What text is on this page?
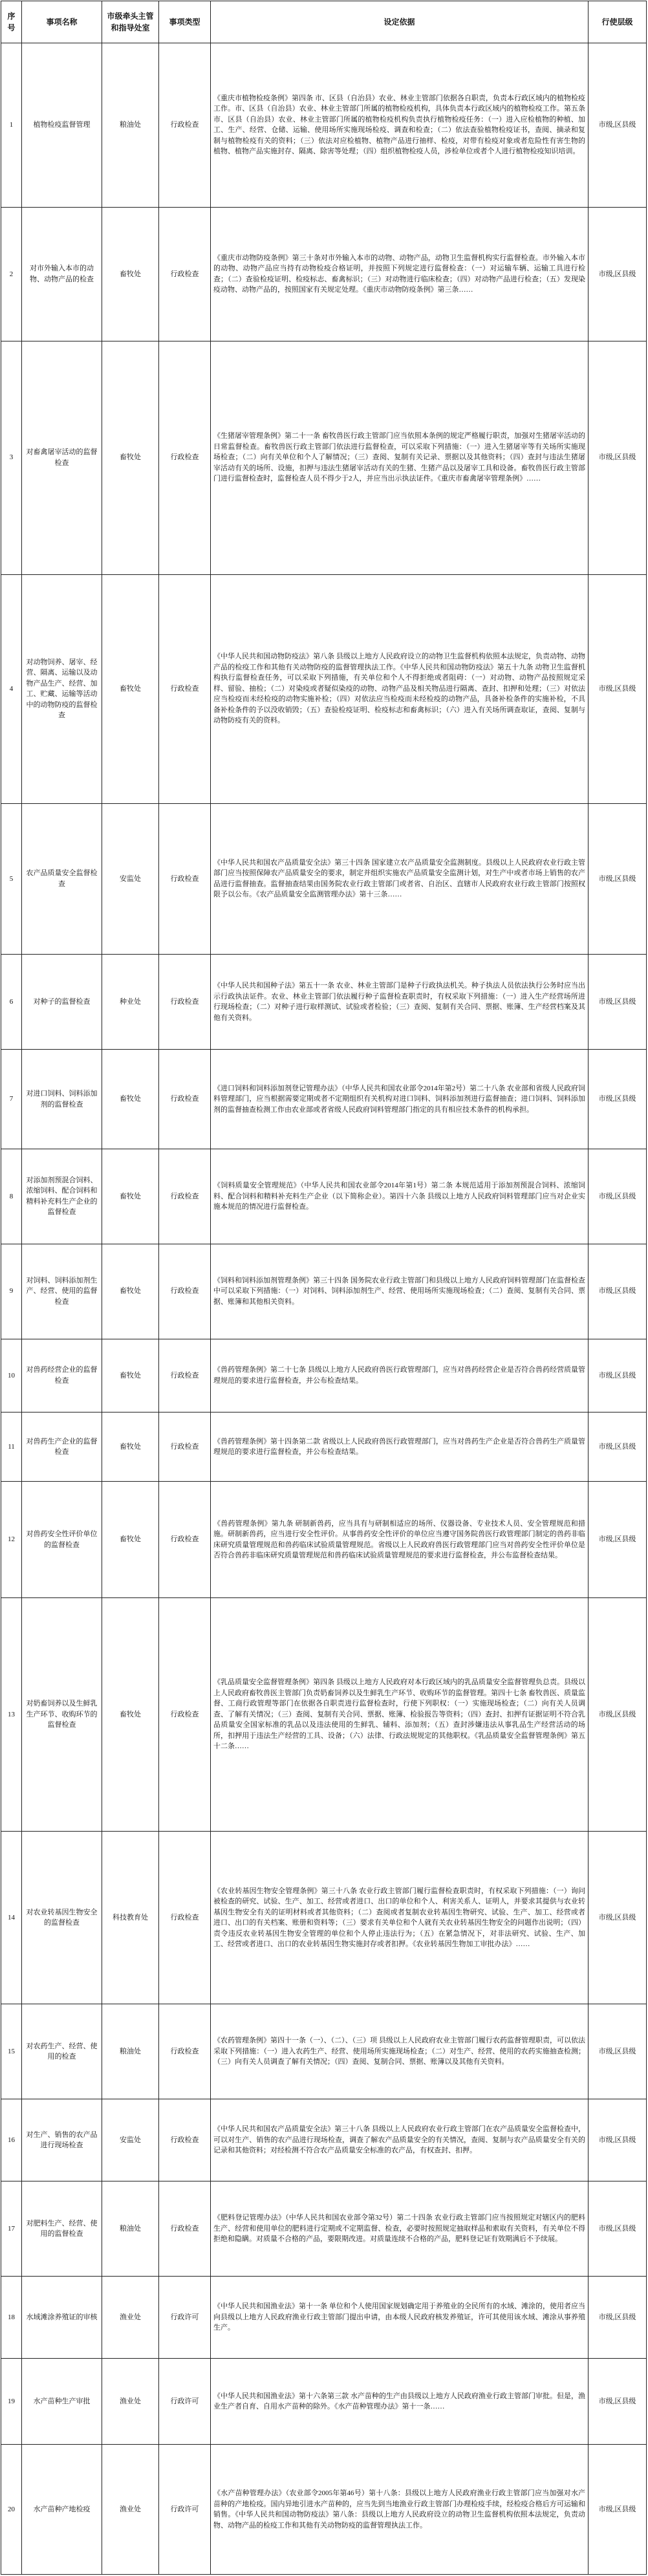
序号	事项名称	市级牵头主管和指导处室	事项类型	设定依据	行使层级
1	植物检疫监督管理	粮油处	行政检查	《重庆市植物检疫条例》第四条 市、区县（自治县）农业、林业主管部门依据各自职责，负责本行政区域内的植物检疫工作。市、区县（自治县）农业、林业主管部门所属的植物检疫机构，具体负责本行政区域内的植物检疫工作。第五条 市、区县（自治县）农业、林业主管部门所属的植物检疫机构负责执行植物检疫任务：（一）进入应检植物的种植、加工、生产、经营、仓储、运输、使用场所实施现场检疫、调查和检查；（二）依法查验植物检疫证书，查阅、摘录和复制与植物检疫有关的资料；（三）依法对应检植物、植物产品进行抽样、检疫，对带有检疫对象或者危险性有害生物的植物、植物产品实施封存、隔离、除害等处理；（四）组织植物检疫人员，涉检单位或者个人进行植物检疫知识培训。	市级,区县级
2	对市外输入本市的动物、动物产品的检查	畜牧处	行政检查	《重庆市动物防疫条例》第三十条对市外输入本市的动物、动物产品，动物卫生监督机构实行监督检查。市外输入本市的动物、动物产品应当持有动物检疫合格证明，并按照下列规定进行监督检查：（一）对运输车辆、运输工具进行检查；（二）查验检疫证明、检疫标志、畜禽标识；（三）对动物进行临床检查；（四）对动物产品进行检查；（五）发现染疫动物、动物产品的，按照国家有关规定处理。《重庆市动物防疫条例》第三条……	市级,区县级
3	对畜禽屠宰活动的监督检查	畜牧处	行政检查	《生猪屠宰管理条例》第二十一条 畜牧兽医行政主管部门应当依照本条例的规定严格履行职责，加强对生猪屠宰活动的日常监督检查。畜牧兽医行政主管部门依法进行监督检查，可以采取下列措施：（一）进入生猪屠宰等有关场所实施现场检查；（二）向有关单位和个人了解情况；（三）查阅、复制有关记录、票据以及其他资料；（四）查封与违法生猪屠宰活动有关的场所、设施，扣押与违法生猪屠宰活动有关的生猪、生猪产品以及屠宰工具和设备。畜牧兽医行政主管部门进行监督检查时，监督检查人员不得少于2人，并应当出示执法证件。《重庆市畜禽屠宰管理条例》……	市级,区县级
4	对动物饲养、屠宰、经营、隔离、运输以及动物产品生产、经营、加工、贮藏、运输等活动中的动物防疫的监督检查	畜牧处	行政检查	《中华人民共和国动物防疫法》第八条 县级以上地方人民政府设立的动物卫生监督机构依照本法规定，负责动物、动物产品的检疫工作和其他有关动物防疫的监督管理执法工作。《中华人民共和国动物防疫法》第五十九条 动物卫生监督机构执行监督检查任务，可以采取下列措施，有关单位和个人不得拒绝或者阻碍：（一）对动物、动物产品按照规定采样、留验、抽检；（二）对染疫或者疑似染疫的动物、动物产品及相关物品进行隔离、查封、扣押和处理；（三）对依法应当检疫而未经检疫的动物实施补检；（四）对依法应当检疫而未经检疫的动物产品，具备补检条件的实施补检，不具备补检条件的予以没收销毁；（五）查验检疫证明、检疫标志和畜禽标识；（六）进入有关场所调查取证，查阅、复制与动物防疫有关的资料。	市级,区县级
5	农产品质量安全监督检查	安监处	行政检查	《中华人民共和国农产品质量安全法》第三十四条 国家建立农产品质量安全监测制度。县级以上人民政府农业行政主管部门应当按照保障农产品质量安全的要求，制定并组织实施农产品质量安全监测计划，对生产中或者市场上销售的农产品进行监督抽查。监督抽查结果由国务院农业行政主管部门或者省、自治区、直辖市人民政府农业行政主管部门按照权限予以公布。《农产品质量安全监测管理办法》第十三条……	市级,区县级
6	对种子的监督检查	种业处	行政检查	《中华人民共和国种子法》第五十一条 农业、林业主管部门是种子行政执法机关。种子执法人员依法执行公务时应当出示行政执法证件。农业、林业主管部门依法履行种子监督检查职责时，有权采取下列措施：（一）进入生产经营场所进行现场检查；（二）对种子进行取样测试、试验或者检验；（三）查阅、复制有关合同、票据、账簿、生产经营档案及其他有关资料。	市级,区县级
7	对进口饲料、饲料添加剂的监督检查	畜牧处	行政检查	《进口饲料和饲料添加剂登记管理办法》（中华人民共和国农业部令2014年第2号）第二十八条 农业部和省级人民政府饲料管理部门，应当根据需要定期或者不定期组织有关机构对进口饲料、饲料添加剂进行监督抽查；进口饲料、饲料添加剂的监督抽查检测工作由农业部或者省级人民政府饲料管理部门指定的具有相应技术条件的机构承担。	市级,区县级
8	对添加剂预混合饲料、浓缩饲料、配合饲料和精料补充料生产企业的监督检查	畜牧处	行政检查	《饲料质量安全管理规范》（中华人民共和国农业部令2014年第1号）第二条 本规范适用于添加剂预混合饲料、浓缩饲料、配合饲料和精料补充料生产企业（以下简称企业）。第四十六条 县级以上地方人民政府饲料管理部门应当对企业实施本规范的情况进行监督检查。	市级,区县级
9	对饲料、饲料添加剂生产、经营、使用的监督检查	畜牧处	行政检查	《饲料和饲料添加剂管理条例》第三十四条 国务院农业行政主管部门和县级以上地方人民政府饲料管理部门在监督检查中可以采取下列措施：（一）对饲料、饲料添加剂生产、经营、使用场所实施现场检查；（二）查阅、复制有关合同、票据、账簿和其他相关资料。	市级,区县级
10	对兽药经营企业的监督检查	畜牧处	行政检查	《兽药管理条例》第二十七条 县级以上地方人民政府兽医行政管理部门，应当对兽药经营企业是否符合兽药经营质量管理规范的要求进行监督检查，并公布检查结果。	市级,区县级
11	对兽药生产企业的监督检查	畜牧处	行政检查	《兽药管理条例》第十四条第二款 省级以上人民政府兽医行政管理部门，应当对兽药生产企业是否符合兽药生产质量管理规范的要求进行监督检查，并公布检查结果。	市级,区县级
12	对兽药安全性评价单位的监督检查	畜牧处	行政检查	《兽药管理条例》第九条 研制新兽药，应当具有与研制相适应的场所、仪器设备、专业技术人员、安全管理规范和措施。研制新兽药，应当进行安全性评价。从事兽药安全性评价的单位应当遵守国务院兽医行政管理部门制定的兽药非临床研究质量管理规范和兽药临床试验质量管理规范。省级以上人民政府兽医行政管理部门应当对兽药安全性评价单位是否符合兽药非临床研究质量管理规范和兽药临床试验质量管理规范的要求进行监督检查，并公布监督检查结果。	市级,区县级
13	对奶畜饲养以及生鲜乳生产环节、收购环节的监督检查	畜牧处	行政检查	《乳品质量安全监督管理条例》第四条 县级以上地方人民政府对本行政区域内的乳品质量安全监督管理负总责。县级以上人民政府畜牧兽医主管部门负责奶畜饲养以及生鲜乳生产环节、收购环节的监督管理。第四十七条 畜牧兽医、质量监督、工商行政管理等部门在依据各自职责进行监督检查时，行使下列职权：（一）实施现场检查；（二）向有关人员调查、了解有关情况；（三）查阅、复制有关合同、票据、账簿、检验报告等资料；（四）查封、扣押有证据证明不符合乳品质量安全国家标准的乳品以及违法使用的生鲜乳、辅料、添加剂；（五）查封涉嫌违法从事乳品生产经营活动的场所，扣押用于违法生产经营的工具、设备；（六）法律、行政法规规定的其他职权。《乳品质量安全监督管理条例》第五十二条……	市级,区县级
14	对农业转基因生物安全的监督检查	科技教育处	行政检查	《农业转基因生物安全管理条例》第三十八条 农业行政主管部门履行监督检查职责时，有权采取下列措施：（一）询问被检查的研究、试验、生产、加工、经营或者进口、出口的单位和个人、利害关系人、证明人，并要求其提供与农业转基因生物安全有关的证明材料或者其他资料；（二）查阅或者复制农业转基因生物研究、试验、生产、加工、经营或者进口、出口的有关档案、账册和资料等；（三）要求有关单位和个人就有关农业转基因生物安全的问题作出说明；（四）责令违反农业转基因生物安全管理的单位和个人停止违法行为；（五）在紧急情况下，对非法研究、试验、生产、加工、经营或者进口、出口的农业转基因生物实施封存或者扣押。《农业转基因生物加工审批办法》……	市级,区县级
15	对农药生产、经营、使用的检查	粮油处	行政检查	《农药管理条例》第四十一条（一）、（二）、（三）项 县级以上人民政府农业主管部门履行农药监督管理职责，可以依法采取下列措施：（一）进入农药生产、经营、使用场所实施现场检查；（二）对生产、经营、使用的农药实施抽查检测；（三）向有关人员调查了解有关情况；（四）查阅、复制合同、票据、账簿以及其他有关资料。	市级,区县级
16	对生产、销售的农产品进行现场检查	安监处	行政检查	《中华人民共和国农产品质量安全法》第三十八条 县级以上人民政府农业行政主管部门在农产品质量安全监督检查中，可以对生产、销售的农产品进行现场检查，调查了解农产品质量安全的有关情况，查阅、复制与农产品质量安全有关的记录和其他资料；对经检测不符合农产品质量安全标准的农产品，有权查封、扣押。	市级,区县级
17	对肥料生产、经营、使用的监督检查	粮油处	行政检查	《肥料登记管理办法》（中华人民共和国农业部令第32号）第二十四条 农业行政主管部门应当按照规定对辖区内的肥料生产、经营和使用单位的肥料进行定期或不定期监督、检查，必要时按照规定抽取样品和索取有关资料，有关单位不得拒绝和隐瞒。对质量不合格的产品，要限期改进。对质量连续不合格的产品，肥料登记证有效期满后不予续展。	市级,区县级
18	水域滩涂养殖证的审核	渔业处	行政许可	《中华人民共和国渔业法》第十一条 单位和个人使用国家规划确定用于养殖业的全民所有的水域、滩涂的，使用者应当向县级以上地方人民政府渔业行政主管部门提出申请，由本级人民政府核发养殖证，许可其使用该水域、滩涂从事养殖生产。	市级,区县级
19	水产苗种生产审批	渔业处	行政许可	《中华人民共和国渔业法》第十六条第三款 水产苗种的生产由县级以上地方人民政府渔业行政主管部门审批。但是，渔业生产者自育、自用水产苗种的除外。《水产苗种管理办法》第十一条……	市级,区县级
20	水产苗种产地检疫	渔业处	行政许可	《水产苗种管理办法》（农业部令2005年第46号）第十八条：县级以上地方人民政府渔业行政主管部门应当加强对水产苗种的产地检疫。国内异地引进水产苗种的，应当先到当地渔业行政主管部门办理检疫手续，经检疫合格后方可运输和销售。《中华人民共和国动物防疫法》第八条：县级以上地方人民政府设立的动物卫生监督机构依照本法规定，负责动物、动物产品的检疫工作和其他有关动物防疫的监督管理执法工作。	市级,区县级
